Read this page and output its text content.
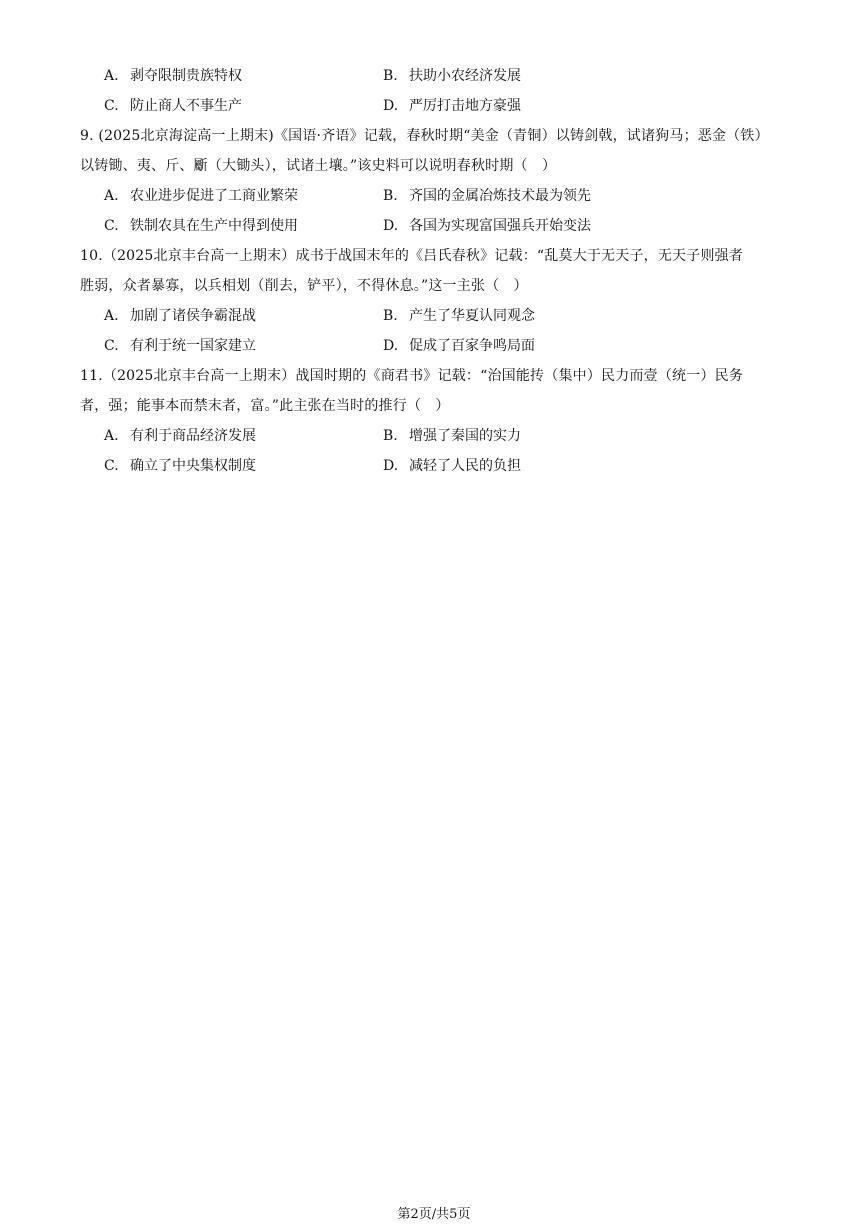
A. 剥夺限制贵族特权	B. 扶助小农经济发展
C. 防止商人不事生产	D. 严厉打击地方豪强
9. (2025北京海淀高一上期末)《国语·齐语》记载，春秋时期“美金（青铜）以铸剑戟，试诸狗马；恶金（铁）
以铸锄、夷、斤、斸（大锄头），试诸土壤。”该史料可以说明春秋时期（　）
A. 农业进步促进了工商业繁荣	B. 齐国的金属冶炼技术最为领先
C. 铁制农具在生产中得到使用	D. 各国为实现富国强兵开始变法
10.（2025北京丰台高一上期末）成书于战国末年的《吕氏春秋》记载：“乱莫大于无天子，无天子则强者
胜弱，众者暴寡，以兵相划（削去，铲平），不得休息。”这一主张（　）
A. 加剧了诸侯争霸混战	B. 产生了华夏认同观念
C. 有利于统一国家建立	D. 促成了百家争鸣局面
11.（2025北京丰台高一上期末）战国时期的《商君书》记载：“治国能抟（集中）民力而壹（统一）民务
者，强；能事本而禁末者，富。”此主张在当时的推行（　）
A. 有利于商品经济发展	B. 增强了秦国的实力
C. 确立了中央集权制度	D. 减轻了人民的负担
第2页/共5页
